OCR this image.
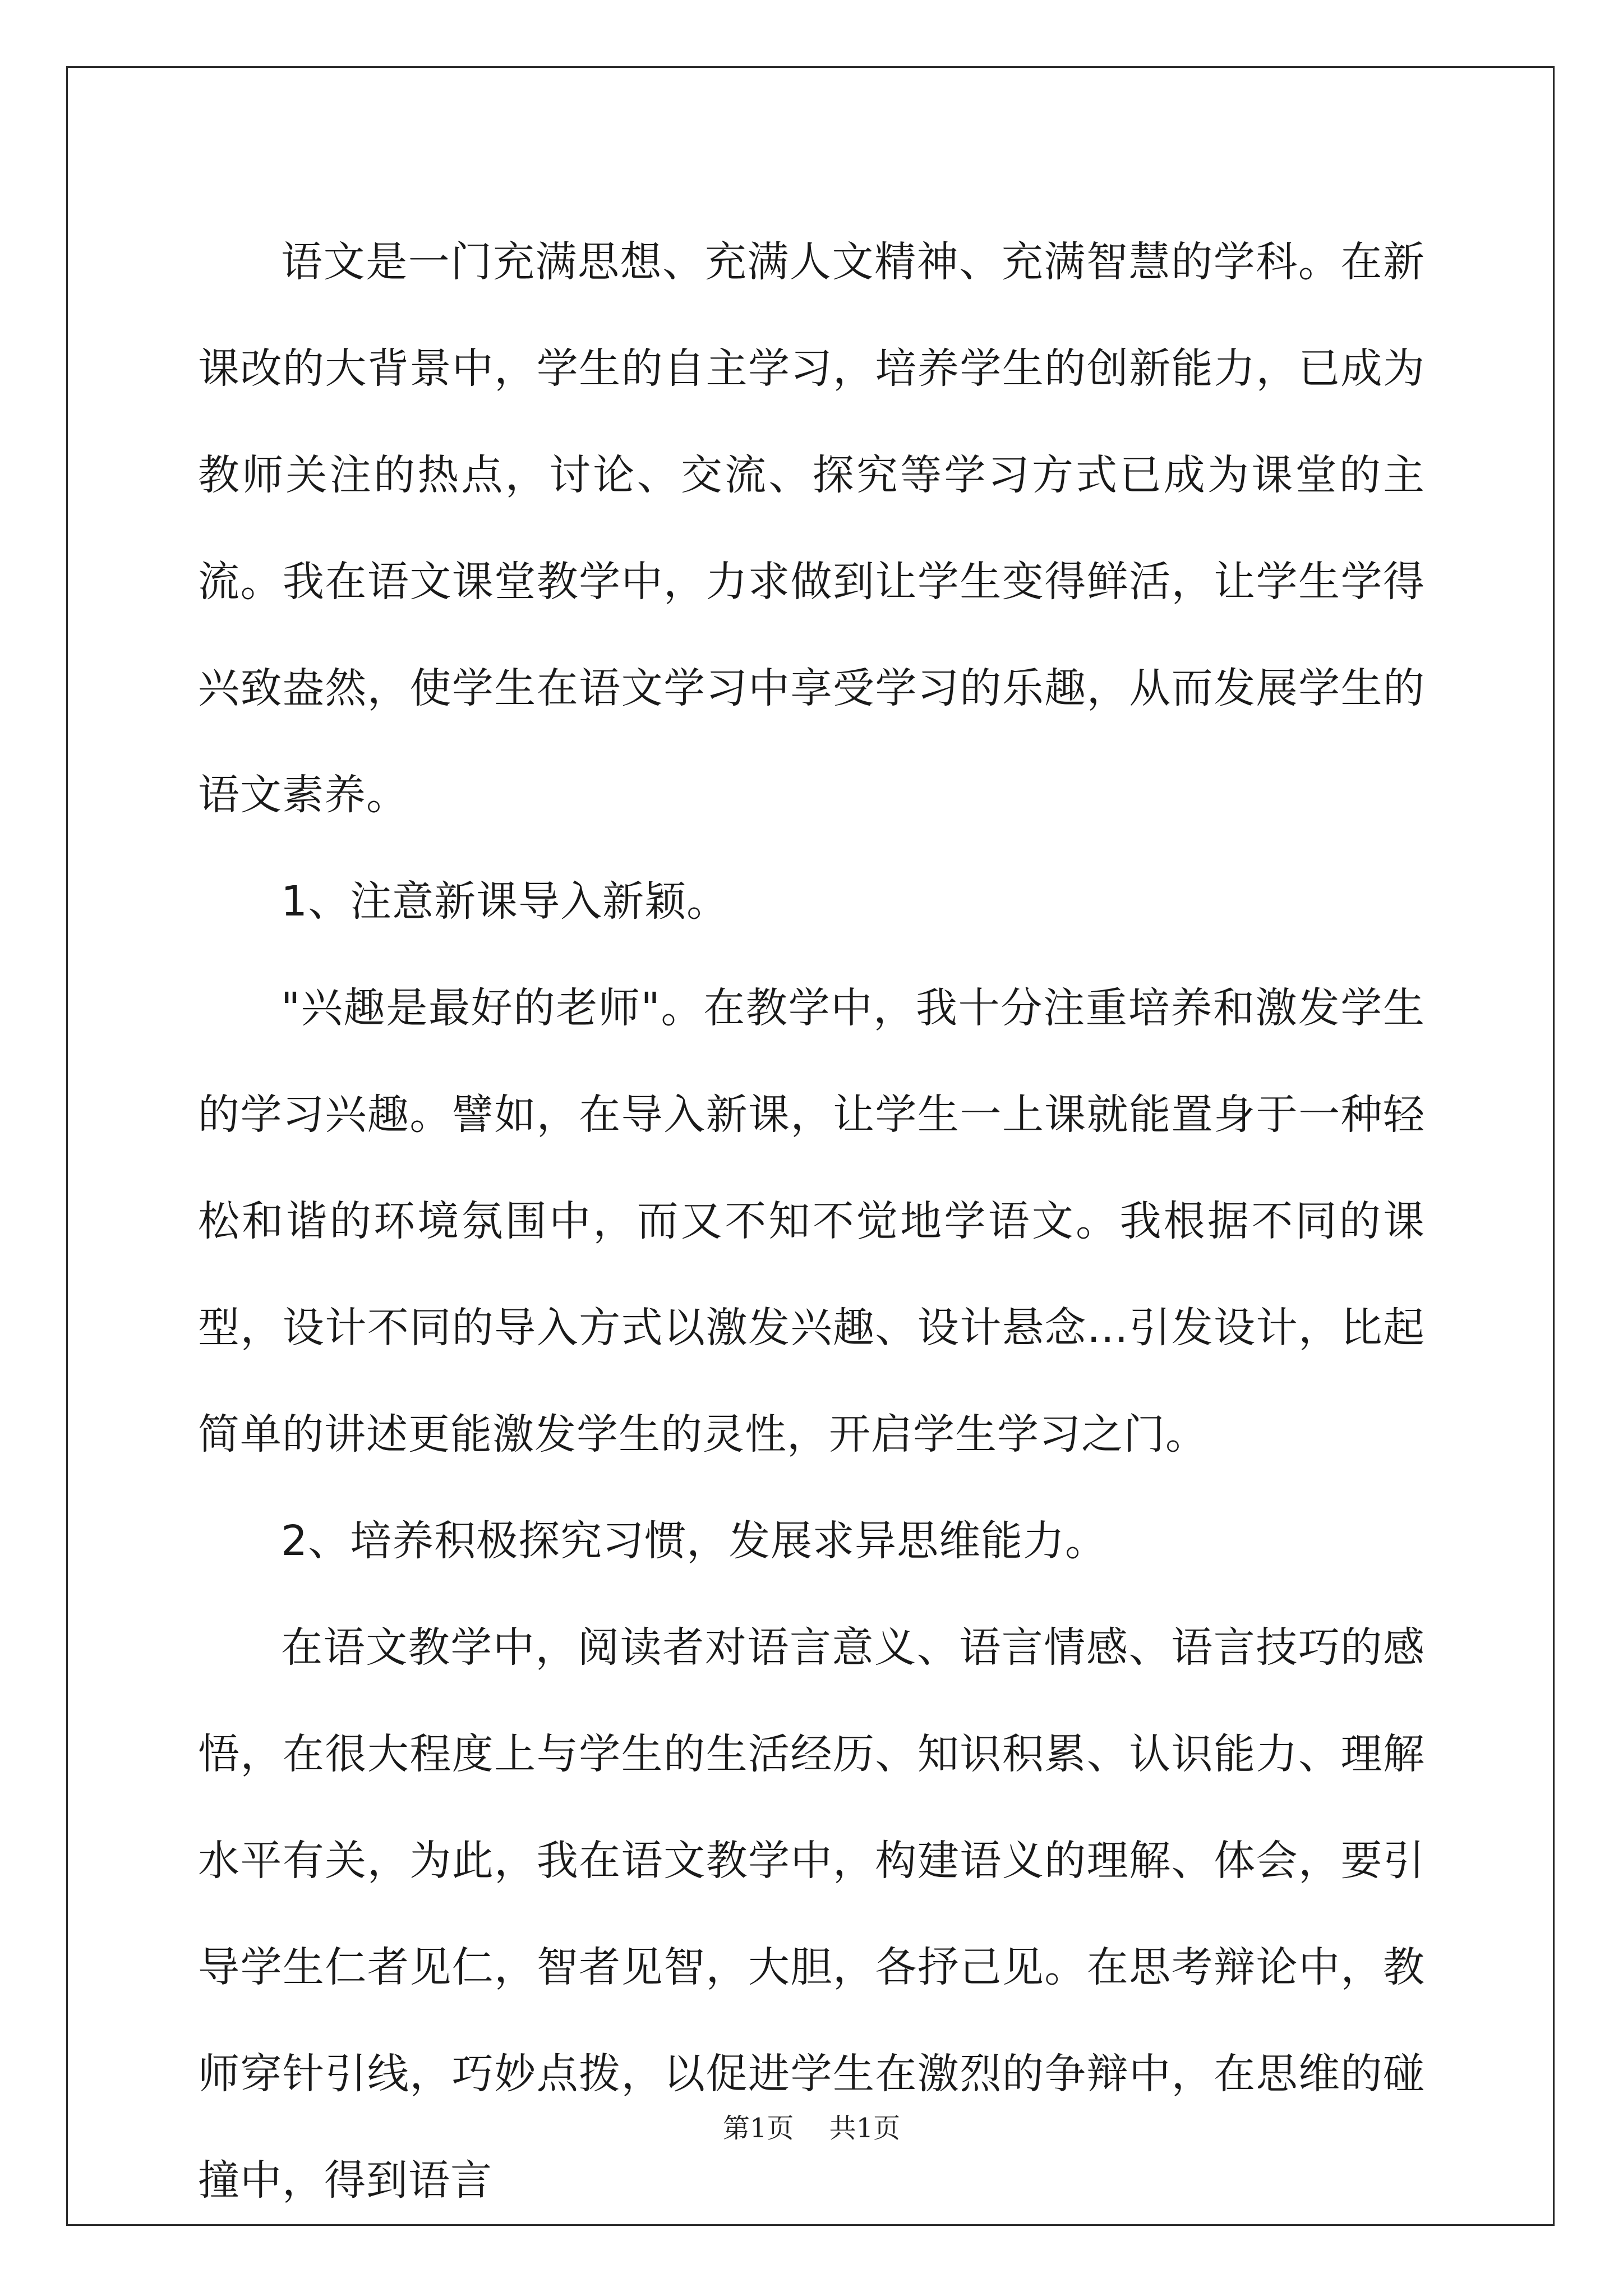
语文是一门充满思想、充满人文精神、充满智慧的学科。在新课改的大背景中，学生的自主学习，培养学生的创新能力，已成为教师关注的热点，讨论、交流、探究等学习方式已成为课堂的主流。我在语文课堂教学中，力求做到让学生变得鲜活，让学生学得兴致盎然，使学生在语文学习中享受学习的乐趣，从而发展学生的语文素养。

1、注意新课导入新颖。

"兴趣是最好的老师"。在教学中，我十分注重培养和激发学生的学习兴趣。譬如，在导入新课，让学生一上课就能置身于一种轻松和谐的环境氛围中，而又不知不觉地学语文。我根据不同的课型，设计不同的导入方式以激发兴趣、设计悬念…引发设计，比起简单的讲述更能激发学生的灵性，开启学生学习之门。

2、培养积极探究习惯，发展求异思维能力。

在语文教学中，阅读者对语言意义、语言情感、语言技巧的感悟，在很大程度上与学生的生活经历、知识积累、认识能力、理解水平有关，为此，我在语文教学中，构建语义的理解、体会，要引导学生仁者见仁，智者见智，大胆，各抒己见。在思考辩论中，教师穿针引线，巧妙点拨，以促进学生在激烈的争辩中，在思维的碰撞中，得到语言

第1页 共1页
